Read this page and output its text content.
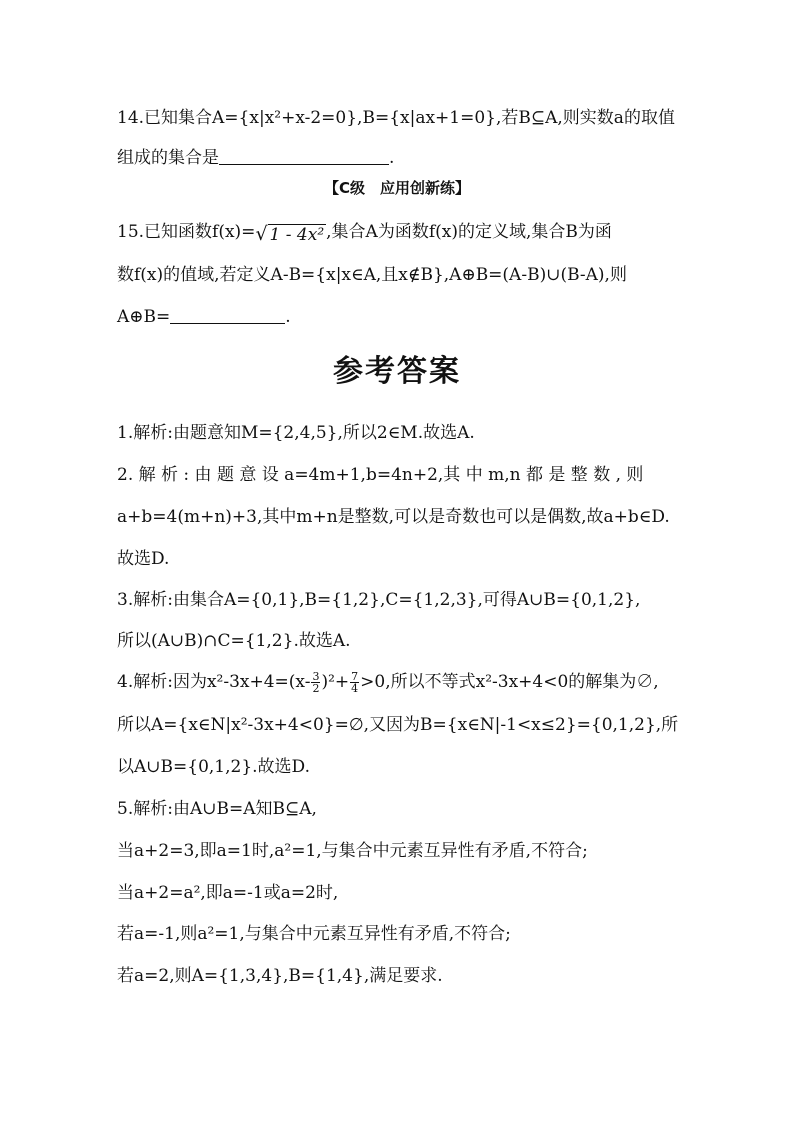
14.已知集合A={x|x²+x-2=0},B={x|ax+1=0},若B⊆A,则实数a的取值
组成的集合是	.
【C级　应用创新练】
15.已知函数f(x)=√ 1 - 4x² ,集合A为函数f(x)的定义域,集合B为函
数f(x)的值域,若定义A-B={x|x∈A,且x∉B},A⊕B=(A-B)∪(B-A),则
A⊕B=	.
参考答案
1.解析:由题意知M={2,4,5},所以2∈M.故选A.
2. 解 析 : 由 题 意 设 a=4m+1,b=4n+2,其 中 m,n 都 是 整 数 , 则
a+b=4(m+n)+3,其中m+n是整数,可以是奇数也可以是偶数,故a+b∈D.
故选D.
3.解析:由集合A={0,1},B={1,2},C={1,2,3},可得A∪B={0,1,2},
所以(A∪B)∩C={1,2}.故选A.
4.解析:因为$x^2-3x+4=(x- \frac{3}{2} )^2+ \frac{7}{4} >0$,所以不等式x²-3x+4<0的解集为∅,
所以A={x∈N|x²-3x+4<0}=∅,又因为B={x∈N|-1<x≤2}={0,1,2},所
以A∪B={0,1,2}.故选D.
5.解析:由A∪B=A知B⊆A,
当a+2=3,即a=1时,a²=1,与集合中元素互异性有矛盾,不符合;
当a+2=a²,即a=-1或a=2时,
若a=-1,则a²=1,与集合中元素互异性有矛盾,不符合;
若a=2,则A={1,3,4},B={1,4},满足要求.
